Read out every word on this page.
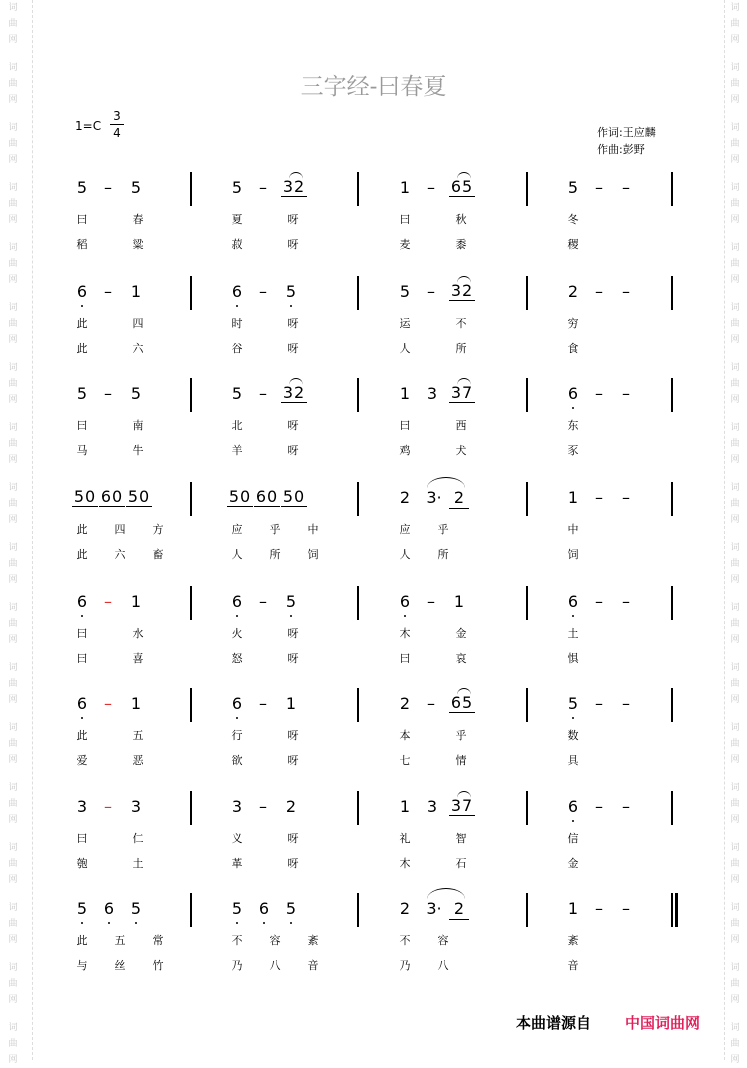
词
曲
网
词
曲
网
词
曲
网
词
曲
网
词
曲
网
词
曲
网
词
曲
网
词
曲
网
词
曲
网
词
曲
网
词
曲
网
词
曲
网
词
曲
网
词
曲
网
词
曲
网
词
曲
网
词
曲
网
词
曲
网
词
曲
网
词
曲
网
词
曲
网
词
曲
网
词
曲
网
词
曲
网
词
曲
网
词
曲
网
词
曲
网
词
曲
网
词
曲
网
词
曲
网
词
曲
网
词
曲
网
词
曲
网
词
曲
网
词
曲
网
词
曲
网
三字经-曰春夏
$1=C \frac{3}{4}$	作词:王应麟
作曲:彭野
5	–	5
曰	春
稻	粱
5	– 32
夏	呀
菽	呀
1	– 65
曰	秋
麦	黍
5	– –
冬
稷
6	–	1
此	四
此	六
6	–	5
时	呀
谷	呀
5	– 32
运	不
人	所
2	– –
穷
食
5	–	5
曰	南
马	牛
5	– 32
北	呀
羊	呀
1	3 37
曰	西
鸡	犬
6	– –
东
豕
50 60 50
此	四	方
此	六	畜
50 60 50
应	乎	中
人	所	饲
2	3· 2
应	乎
人	所
1	– –
中
饲
6	–	1
曰	水
曰	喜
6	–	5
火	呀
怒	呀
6	–	1
木	金
曰	哀
6	– –
土
惧
6	–	1
此	五
爱	恶
6	–	1
行	呀
欲	呀
2	– 65
本	乎
七	情
5	– –
数
具
3	–	3
曰	仁
匏	土
3	–	2
义	呀
革	呀
1	3 37
礼	智
木	石
6	– –
信
金
5	6	5
此	五	常
与	丝	竹
5	6	5
不	容	紊
乃	八	音
2	3· 2
不	容
乃	八
1	– –
紊
音
本曲谱源自 中国词曲网
